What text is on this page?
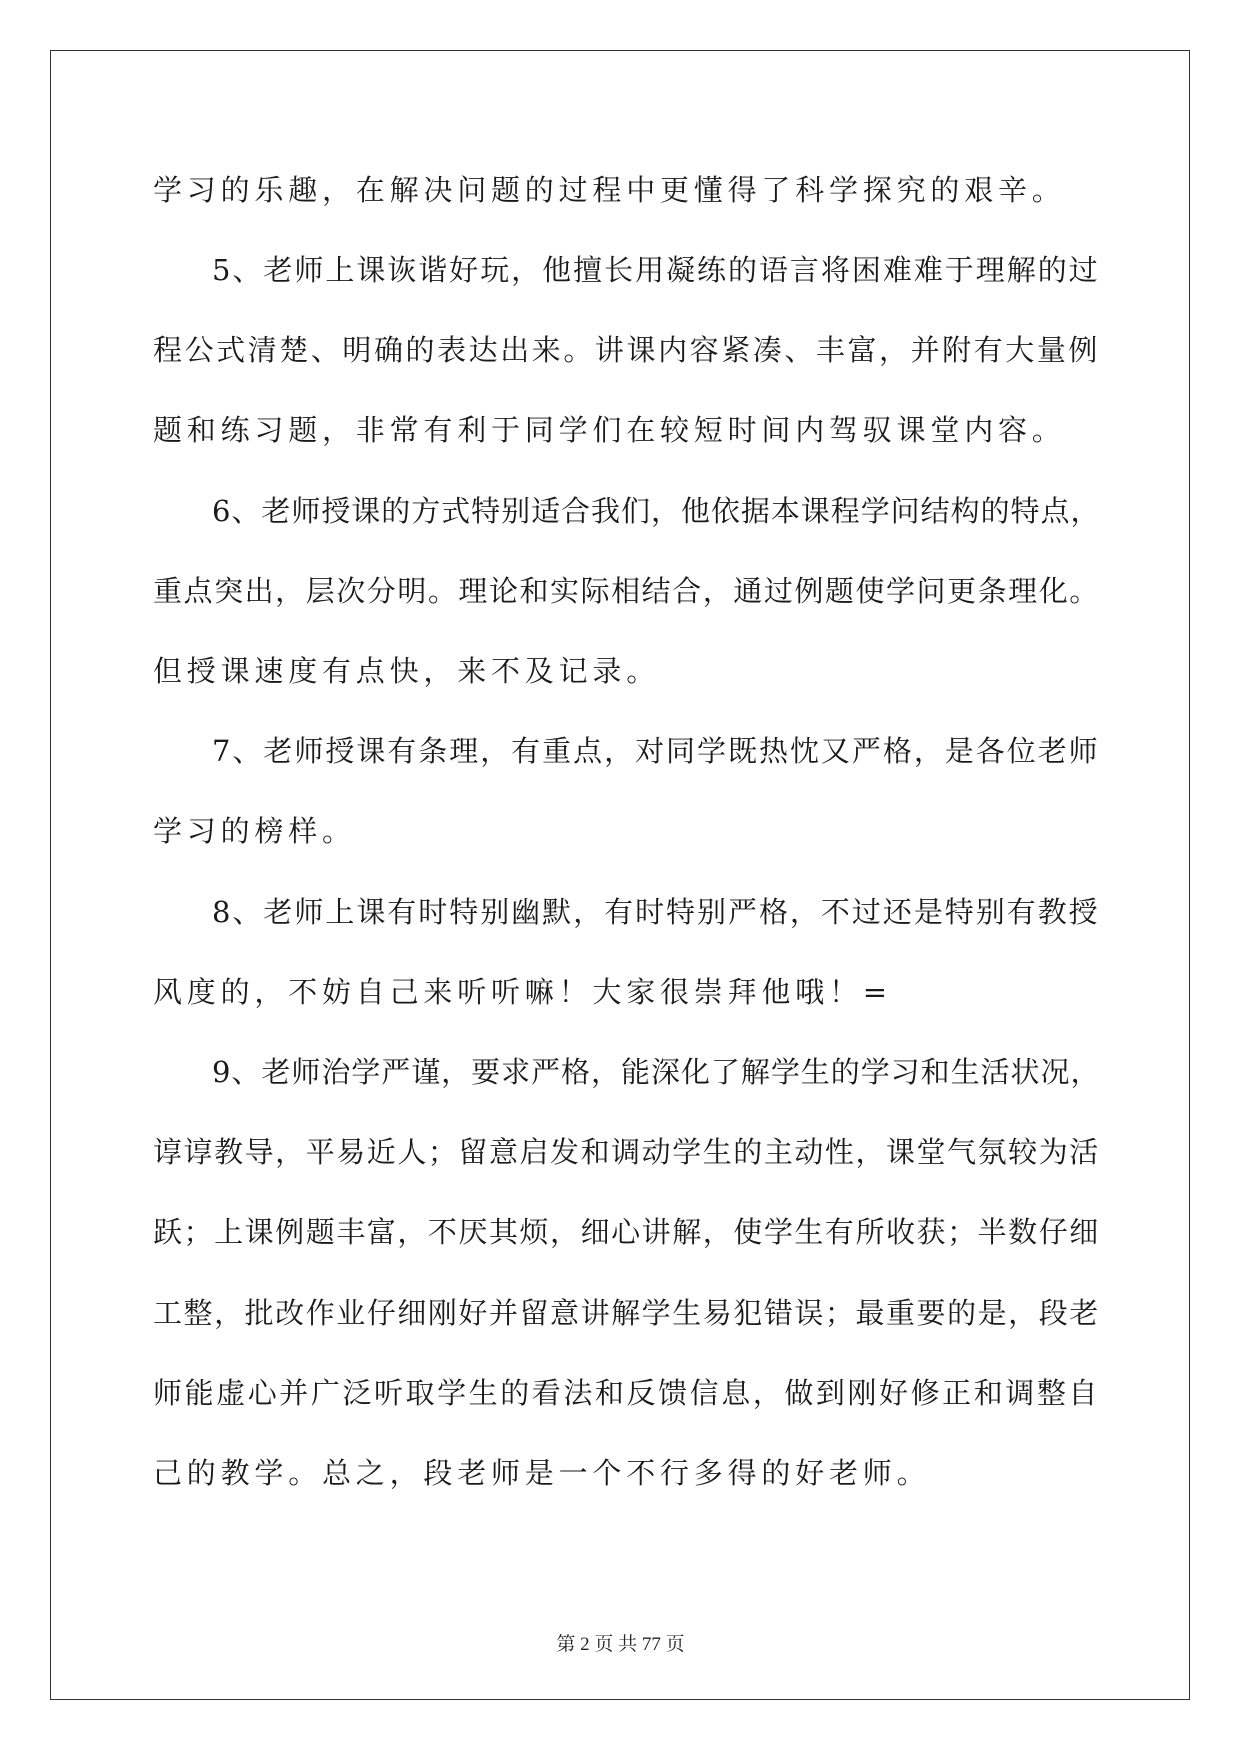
学习的乐趣，在解决问题的过程中更懂得了科学探究的艰辛。

5、老师上课诙谐好玩，他擅长用凝练的语言将困难难于理解的过

程公式清楚、明确的表达出来。讲课内容紧凑、丰富，并附有大量例

题和练习题，非常有利于同学们在较短时间内驾驭课堂内容。

6、老师授课的方式特别适合我们，他依据本课程学问结构的特点，

重点突出，层次分明。理论和实际相结合，通过例题使学问更条理化。

但授课速度有点快，来不及记录。

7、老师授课有条理，有重点，对同学既热忱又严格，是各位老师

学习的榜样。

8、老师上课有时特别幽默，有时特别严格，不过还是特别有教授

风度的，不妨自己来听听嘛！大家很崇拜他哦！=

9、老师治学严谨，要求严格，能深化了解学生的学习和生活状况，

谆谆教导，平易近人；留意启发和调动学生的主动性，课堂气氛较为活

跃；上课例题丰富，不厌其烦，细心讲解，使学生有所收获；半数仔细

工整，批改作业仔细刚好并留意讲解学生易犯错误；最重要的是，段老

师能虚心并广泛听取学生的看法和反馈信息，做到刚好修正和调整自

己的教学。总之，段老师是一个不行多得的好老师。

第 2 页 共 77 页
